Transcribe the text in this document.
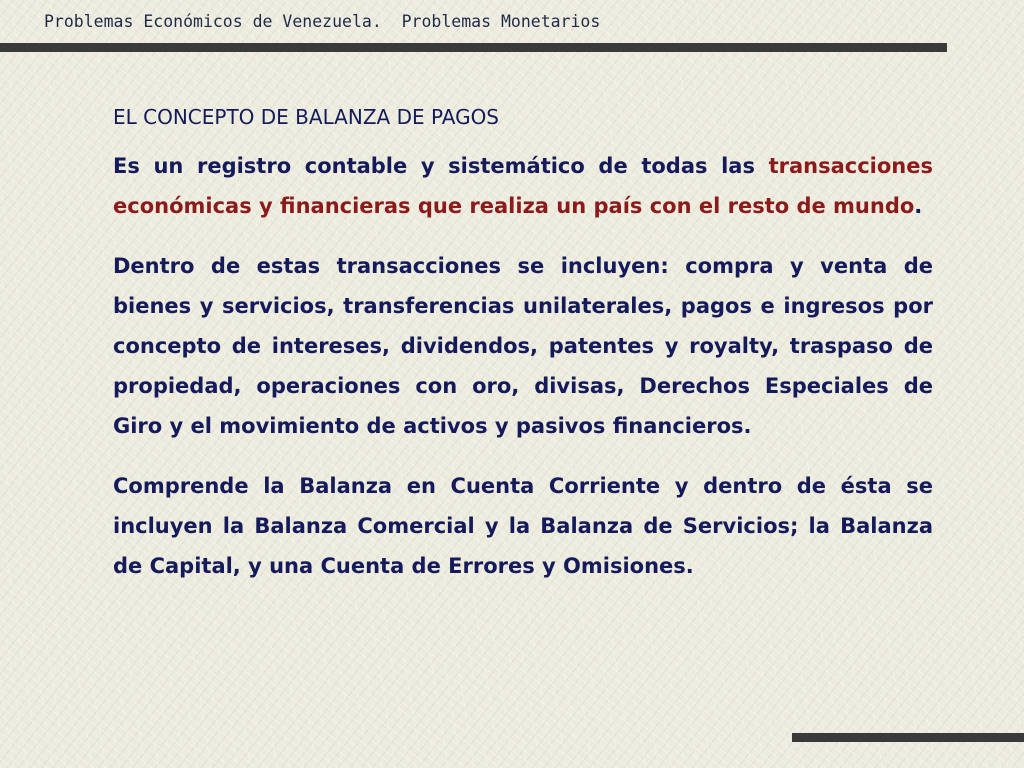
Problemas Económicos de Venezuela.  Problemas Monetarios
EL CONCEPTO DE BALANZA DE PAGOS

Es un registro contable y sistemático de todas las transacciones económicas y financieras que realiza un país con el resto de mundo.

Dentro de estas transacciones se incluyen: compra y venta de bienes y servicios, transferencias unilaterales, pagos e ingresos por concepto de intereses, dividendos, patentes y royalty, traspaso de propiedad, operaciones con oro, divisas, Derechos Especiales de Giro y el movimiento de activos y pasivos financieros.

Comprende la Balanza en Cuenta Corriente y dentro de ésta se incluyen la Balanza Comercial y la Balanza de Servicios; la Balanza de Capital, y una Cuenta de Errores y Omisiones.
